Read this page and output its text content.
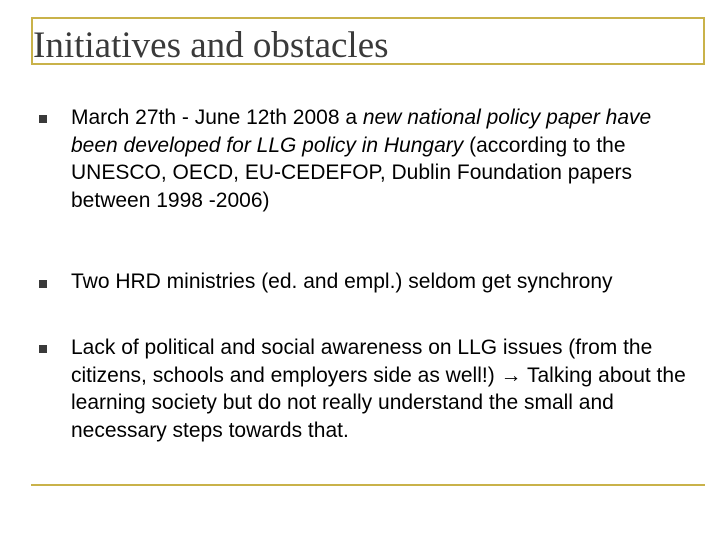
Initiatives and obstacles
March 27th - June 12th 2008 a new national policy paper have been developed for LLG policy in Hungary (according to the UNESCO, OECD, EU-CEDEFOP, Dublin Foundation papers between 1998 -2006)
Two HRD ministries (ed. and empl.) seldom get synchrony
Lack of political and social awareness on LLG issues (from the citizens, schools and employers side as well!) → Talking about the learning society but do not really understand the small and necessary steps towards that.
